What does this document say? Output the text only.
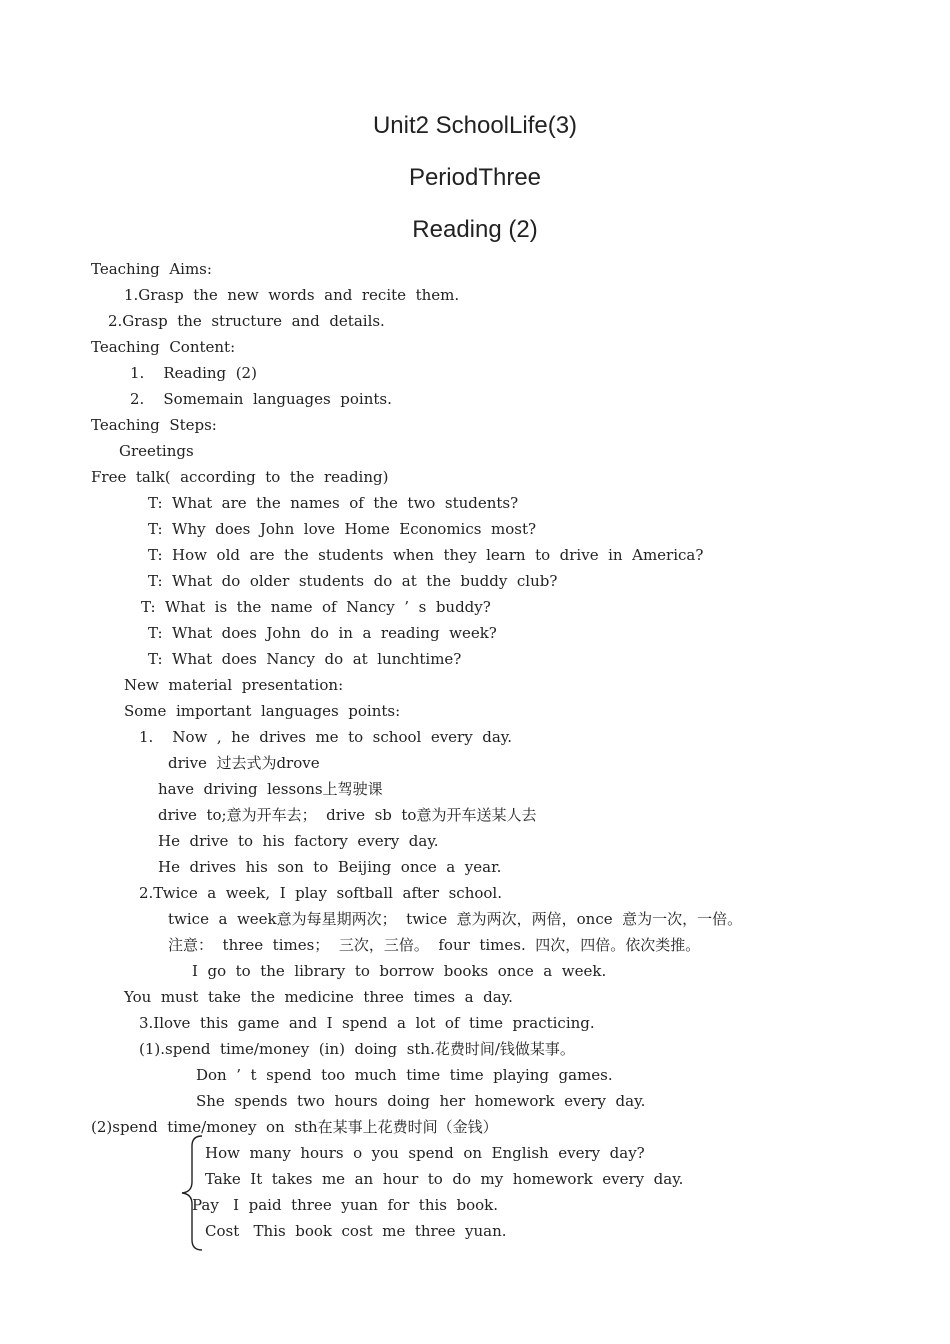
Unit2 SchoolLife(3)
PeriodThree
Reading (2)
Teaching  Aims:
1.Grasp  the  new  words  and  recite  them.
2.Grasp  the  structure  and  details.
Teaching  Content:
1.    Reading  (2)
2.    Somemain  languages  points.
Teaching  Steps:
Greetings
Free  talk(  according  to  the  reading)
T:  What  are  the  names  of  the  two  students?
T:  Why  does  John  love  Home  Economics  most?
T:  How  old  are  the  students  when  they  learn  to  drive  in  America?
T:  What  do  older  students  do  at  the  buddy  club?
T:  What  is  the  name  of  Nancy  ’  s  buddy?
T:  What  does  John  do  in  a  reading  week?
T:  What  does  Nancy  do  at  lunchtime?
New  material  presentation:
Some  important  languages  points:
1.    Now  ,  he  drives  me  to  school  every  day.
drive  过去式为drove
have  driving  lessons上驾驶课
drive  to;意为开车去；  drive  sb  to意为开车送某人去
He  drive  to  his  factory  every  day.
He  drives  his  son  to  Beijing  once  a  year.
2.Twice  a  week,  I  play  softball  after  school.
twice  a  week意为每星期两次；  twice  意为两次，两倍，once  意为一次，一倍。
注意：  three  times；  三次，三倍。  four  times.  四次，四倍。依次类推。
I  go  to  the  library  to  borrow  books  once  a  week.
You  must  take  the  medicine  three  times  a  day.
3.Ilove  this  game  and  I  spend  a  lot  of  time  practicing.
(1).spend  time/money  (in)  doing  sth.花费时间/钱做某事。
Don  ’  t  spend  too  much  time  time  playing  games.
She  spends  two  hours  doing  her  homework  every  day.
(2)spend  time/money  on  sth在某事上花费时间（金钱）
How  many  hours  o  you  spend  on  English  every  day?
Take  It  takes  me  an  hour  to  do  my  homework  every  day.
Pay   I  paid  three  yuan  for  this  book.
Cost   This  book  cost  me  three  yuan.
